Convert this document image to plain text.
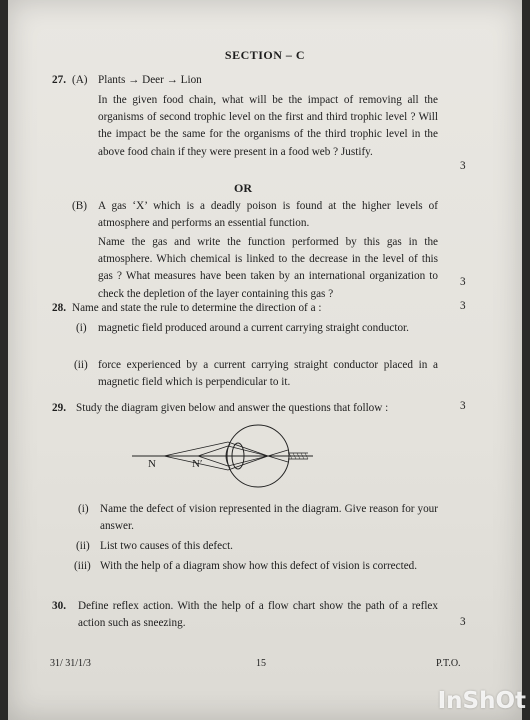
SECTION – C
27. (A) Plants → Deer → Lion
In the given food chain, what will be the impact of removing all the organisms of second trophic level on the first and third trophic level ? Will the impact be the same for the organisms of the third trophic level in the above food chain if they were present in a food web ? Justify.
3
OR
(B) A gas ‘X’ which is a deadly poison is found at the higher levels of atmosphere and performs an essential function.
Name the gas and write the function performed by this gas in the atmosphere. Which chemical is linked to the decrease in the level of this gas ? What measures have been taken by an international organization to check the depletion of the layer containing this gas ?
3
28. Name and state the rule to determine the direction of a :	3
(i) magnetic field produced around a current carrying straight conductor.
(ii) force experienced by a current carrying straight conductor placed in a magnetic field which is perpendicular to it.
29. Study the diagram given below and answer the questions that follow :	3
N	N′
(i) Name the defect of vision represented in the diagram. Give reason for your answer.
(ii) List two causes of this defect.
(iii) With the help of a diagram show how this defect of vision is corrected.
30. Define reflex action. With the help of a flow chart show the path of a reflex action such as sneezing.	3
31/ 31/1/3	15	P.T.O.
InShOt
